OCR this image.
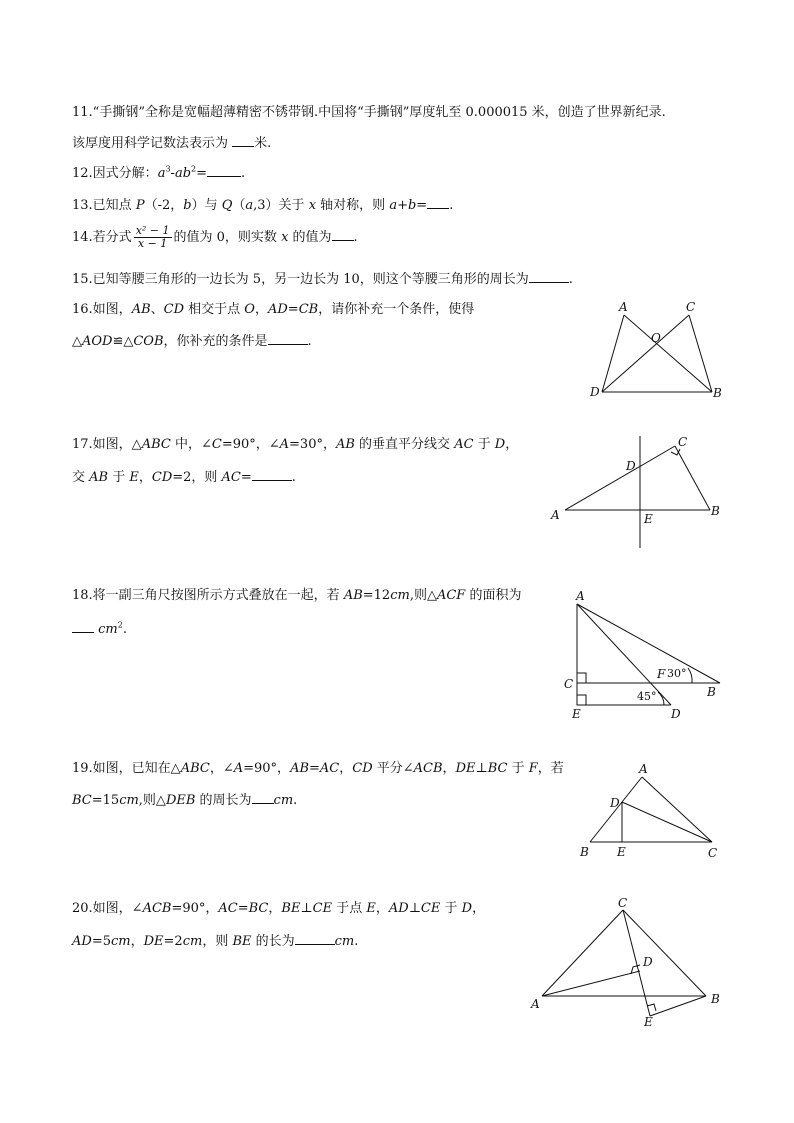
11.“手撕钢”全称是宽幅超薄精密不锈带钢.中国将“手撕钢”厚度轧至 0.000015 米，创造了世界新纪录.
该厚度用科学记数法表示为 米.
12.因式分解：$a^3-ab^2=$	.
13.已知点 P（-2，b）与 Q（a,3）关于 x 轴对称，则 a+b= .
14.若分式 $\frac{\text{x² − 1}}{x - 1}$ 的值为 0，则实数 x 的值为 .
15.已知等腰三角形的一边长为 5，另一边长为 10，则这个等腰三角形的周长为	.
16.如图，AB、CD 相交于点 O，AD=CB，请你补充一个条件，使得
△AOD≌△COB，你补充的条件是	.
A	C
O
D	B
17.如图，△ABC 中，∠C=90°，∠A=30°，AB 的垂直平分线交 AC 于 D，
交 AB 于 E，CD=2，则 AC=	.
C
D
A	E
B
18.将一副三角尺按图所示方式叠放在一起，若 AB=12cm,则△ACF 的面积为
$cm^2$.
A
F 30°
C
45°	B
E	D
19.如图，已知在△ABC，∠A=90°，AB=AC，CD 平分∠ACB，DE⊥BC 于 F，若
BC=15cm,则△DEB 的周长为 cm.
A
D
B E	C
20.如图，∠ACB=90°，AC=BC，BE⊥CE 于点 E，AD⊥CE 于 D，
AD=5cm，DE=2cm，则 BE 的长为	cm.
C
D
A
E
B
